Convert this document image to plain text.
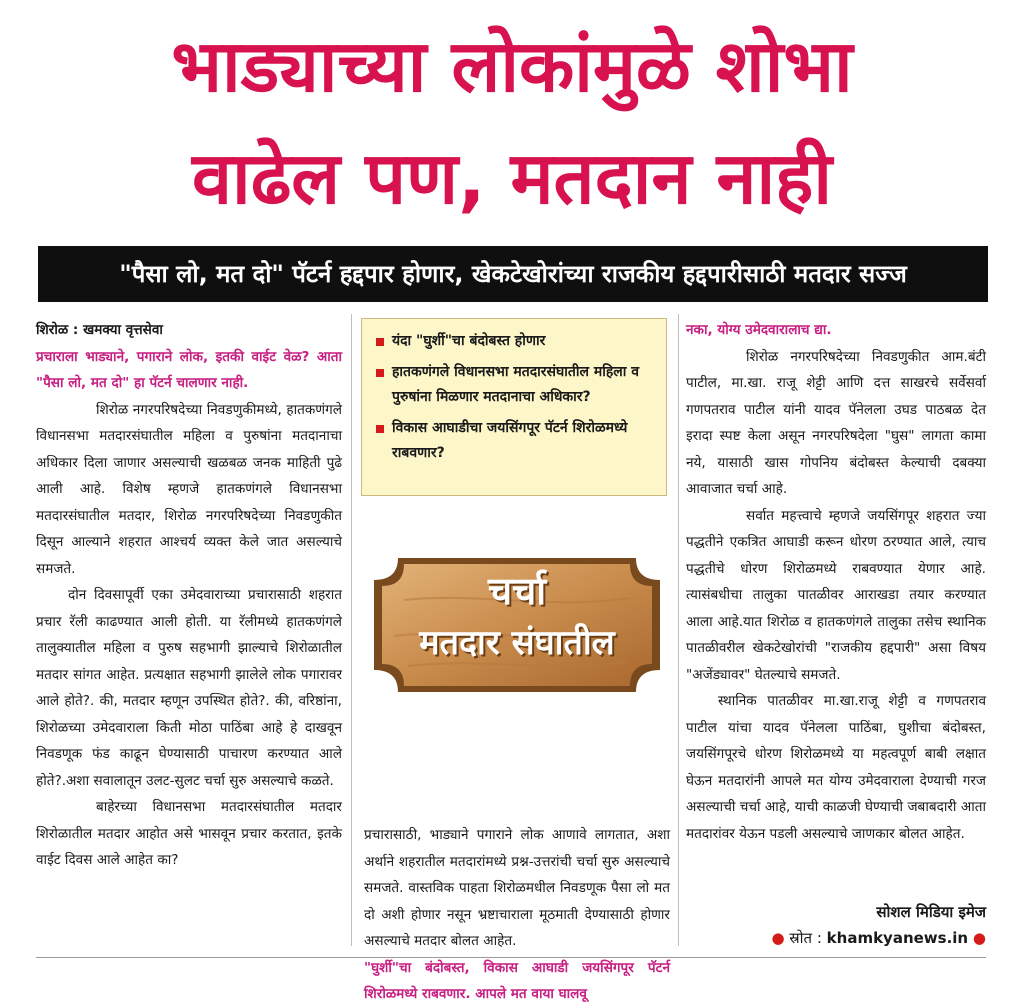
भाड्याच्या लोकांमुळे शोभा
वाढेल पण, मतदान नाही
"पैसा लो, मत दो" पॅटर्न हद्दपार होणार, खेकटेखोरांच्या राजकीय हद्दपारीसाठी मतदार सज्ज

शिरोळ : खमक्या वृत्तसेवा

प्रचाराला भाड्याने, पगाराने लोक, इतकी वाईट वेळ? आता "पैसा लो, मत दो" हा पॅटर्न चालणार नाही.

शिरोळ नगरपरिषदेच्या निवडणुकीमध्ये, हातकणंगले विधानसभा मतदारसंघातील महिला व पुरुषांना मतदानाचा अधिकार दिला जाणार असल्याची खळबळ जनक माहिती पुढे आली आहे. विशेष म्हणजे हातकणंगले विधानसभा मतदारसंघातील मतदार, शिरोळ नगरपरिषदेच्या निवडणुकीत दिसून आल्याने शहरात आश्चर्य व्यक्त केले जात असल्याचे समजते.

दोन दिवसापूर्वी एका उमेदवाराच्या प्रचारासाठी शहरात प्रचार रॅली काढण्यात आली होती. या रॅलीमध्ये हातकणंगले तालुक्यातील महिला व पुरुष सहभागी झाल्याचे शिरोळातील मतदार सांगत आहेत. प्रत्यक्षात सहभागी झालेले लोक पगारावर आले होते?. की, मतदार म्हणून उपस्थित होते?. की, वरिष्ठांना, शिरोळच्या उमेदवाराला किती मोठा पाठिंबा आहे हे दाखवून निवडणूक फंड काढून घेण्यासाठी पाचारण करण्यात आले होते?.अशा सवालातून उलट-सुलट चर्चा सुरु असल्याचे कळते.

बाहेरच्या विधानसभा मतदारसंघातील मतदार शिरोळातील मतदार आहोत असे भासवून प्रचार करतात, इतके वाईट दिवस आले आहेत का?

यंदा "घुर्शी"चा बंदोबस्त होणार
हातकणंगले विधानसभा मतदारसंघातील महिला व पुरुषांना मिळणार मतदानाचा अधिकार?
विकास आघाडीचा जयसिंगपूर पॅटर्न शिरोळमध्ये राबवणार?
चर्चा
मतदार संघातील

प्रचारासाठी, भाड्याने पगाराने लोक आणावे लागतात, अशा अर्थाने शहरातील मतदारांमध्ये प्रश्न-उत्तरांची चर्चा सुरु असल्याचे समजते. वास्तविक पाहता शिरोळमधील निवडणूक पैसा लो मत दो अशी होणार नसून भ्रष्टाचाराला मूठमाती देण्यासाठी होणार असल्याचे मतदार बोलत आहेत.

"घुर्शी"चा बंदोबस्त, विकास आघाडी जयसिंगपूर पॅटर्न शिरोळमध्ये राबवणार. आपले मत वाया घालवू

नका, योग्य उमेदवारालाच द्या.

शिरोळ नगरपरिषदेच्या निवडणुकीत आम.बंटी पाटील, मा.खा. राजू शेट्टी आणि दत्त साखरचे सर्वेसर्वा गणपतराव पाटील यांनी यादव पॅनेलला उघड पाठबळ देत इरादा स्पष्ट केला असून नगरपरिषदेला "घुस" लागता कामा नये, यासाठी खास गोपनिय बंदोबस्त केल्याची दबक्या आवाजात चर्चा आहे.

सर्वात महत्त्वाचे म्हणजे जयसिंगपूर शहरात ज्या पद्धतीने एकत्रित आघाडी करून धोरण ठरण्यात आले, त्याच पद्धतीचे धोरण शिरोळमध्ये राबवण्यात येणार आहे. त्यासंबधीचा तालुका पातळीवर आराखडा तयार करण्यात आला आहे.यात शिरोळ व हातकणंगले तालुका तसेच स्थानिक पातळीवरील खेकटेखोरांची "राजकीय हद्दपारी" असा विषय "अजेंड्यावर" घेतल्याचे समजते.

स्थानिक पातळीवर मा.खा.राजू शेट्टी व गणपतराव पाटील यांचा यादव पॅनेलला पाठिंबा, घुशीचा बंदोबस्त, जयसिंगपूरचे धोरण शिरोळमध्ये या महत्वपूर्ण बाबी लक्षात घेऊन मतदारांनी आपले मत योग्य उमेदवाराला देण्याची गरज असल्याची चर्चा आहे, याची काळजी घेण्याची जबाबदारी आता मतदारांवर येऊन पडली असल्याचे जाणकार बोलत आहेत.

सोशल मिडिया इमेज
● स्रोत : khamkyanews.in ●
